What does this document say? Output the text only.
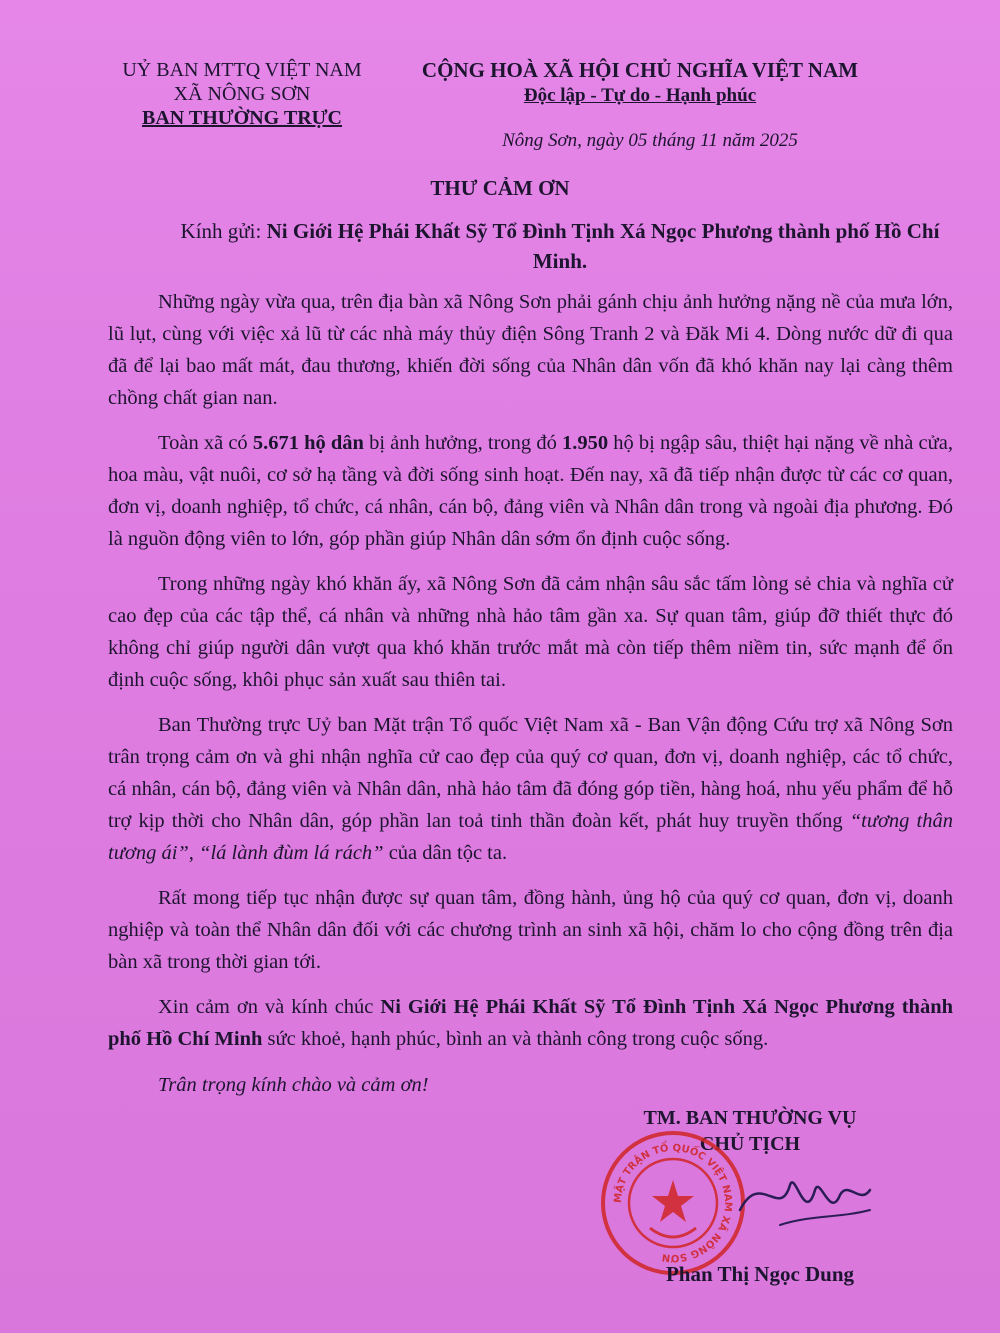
UỶ BAN MTTQ VIỆT NAM
XÃ NÔNG SƠN
BAN THƯỜNG TRỰC
CỘNG HOÀ XÃ HỘI CHỦ NGHĨA VIỆT NAM
Độc lập - Tự do - Hạnh phúc
Nông Sơn, ngày 05 tháng 11 năm 2025
THƯ CẢM ƠN
Kính gửi: Ni Giới Hệ Phái Khất Sỹ Tổ Đình Tịnh Xá Ngọc Phương thành phố Hồ Chí Minh.

Những ngày vừa qua, trên địa bàn xã Nông Sơn phải gánh chịu ảnh hưởng nặng nề của mưa lớn, lũ lụt, cùng với việc xả lũ từ các nhà máy thủy điện Sông Tranh 2 và Đăk Mi 4. Dòng nước dữ đi qua đã để lại bao mất mát, đau thương, khiến đời sống của Nhân dân vốn đã khó khăn nay lại càng thêm chồng chất gian nan.

Toàn xã có 5.671 hộ dân bị ảnh hưởng, trong đó 1.950 hộ bị ngập sâu, thiệt hại nặng về nhà cửa, hoa màu, vật nuôi, cơ sở hạ tầng và đời sống sinh hoạt. Đến nay, xã đã tiếp nhận được từ các cơ quan, đơn vị, doanh nghiệp, tổ chức, cá nhân, cán bộ, đảng viên và Nhân dân trong và ngoài địa phương. Đó là nguồn động viên to lớn, góp phần giúp Nhân dân sớm ổn định cuộc sống.

Trong những ngày khó khăn ấy, xã Nông Sơn đã cảm nhận sâu sắc tấm lòng sẻ chia và nghĩa cử cao đẹp của các tập thể, cá nhân và những nhà hảo tâm gần xa. Sự quan tâm, giúp đỡ thiết thực đó không chỉ giúp người dân vượt qua khó khăn trước mắt mà còn tiếp thêm niềm tin, sức mạnh để ổn định cuộc sống, khôi phục sản xuất sau thiên tai.

Ban Thường trực Uỷ ban Mặt trận Tổ quốc Việt Nam xã - Ban Vận động Cứu trợ xã Nông Sơn trân trọng cảm ơn và ghi nhận nghĩa cử cao đẹp của quý cơ quan, đơn vị, doanh nghiệp, các tổ chức, cá nhân, cán bộ, đảng viên và Nhân dân, nhà hảo tâm đã đóng góp tiền, hàng hoá, nhu yếu phẩm để hỗ trợ kịp thời cho Nhân dân, góp phần lan toả tinh thần đoàn kết, phát huy truyền thống “tương thân tương ái”, “lá lành đùm lá rách” của dân tộc ta.

Rất mong tiếp tục nhận được sự quan tâm, đồng hành, ủng hộ của quý cơ quan, đơn vị, doanh nghiệp và toàn thể Nhân dân đối với các chương trình an sinh xã hội, chăm lo cho cộng đồng trên địa bàn xã trong thời gian tới.

Xin cảm ơn và kính chúc Ni Giới Hệ Phái Khất Sỹ Tổ Đình Tịnh Xá Ngọc Phương thành phố Hồ Chí Minh sức khoẻ, hạnh phúc, bình an và thành công trong cuộc sống.

Trân trọng kính chào và cảm ơn!
TM. BAN THƯỜNG VỤ
CHỦ TỊCH
MẶT TRẬN TỔ QUỐC VIỆT NAM XÃ NÔNG SƠN
Phan Thị Ngọc Dung
